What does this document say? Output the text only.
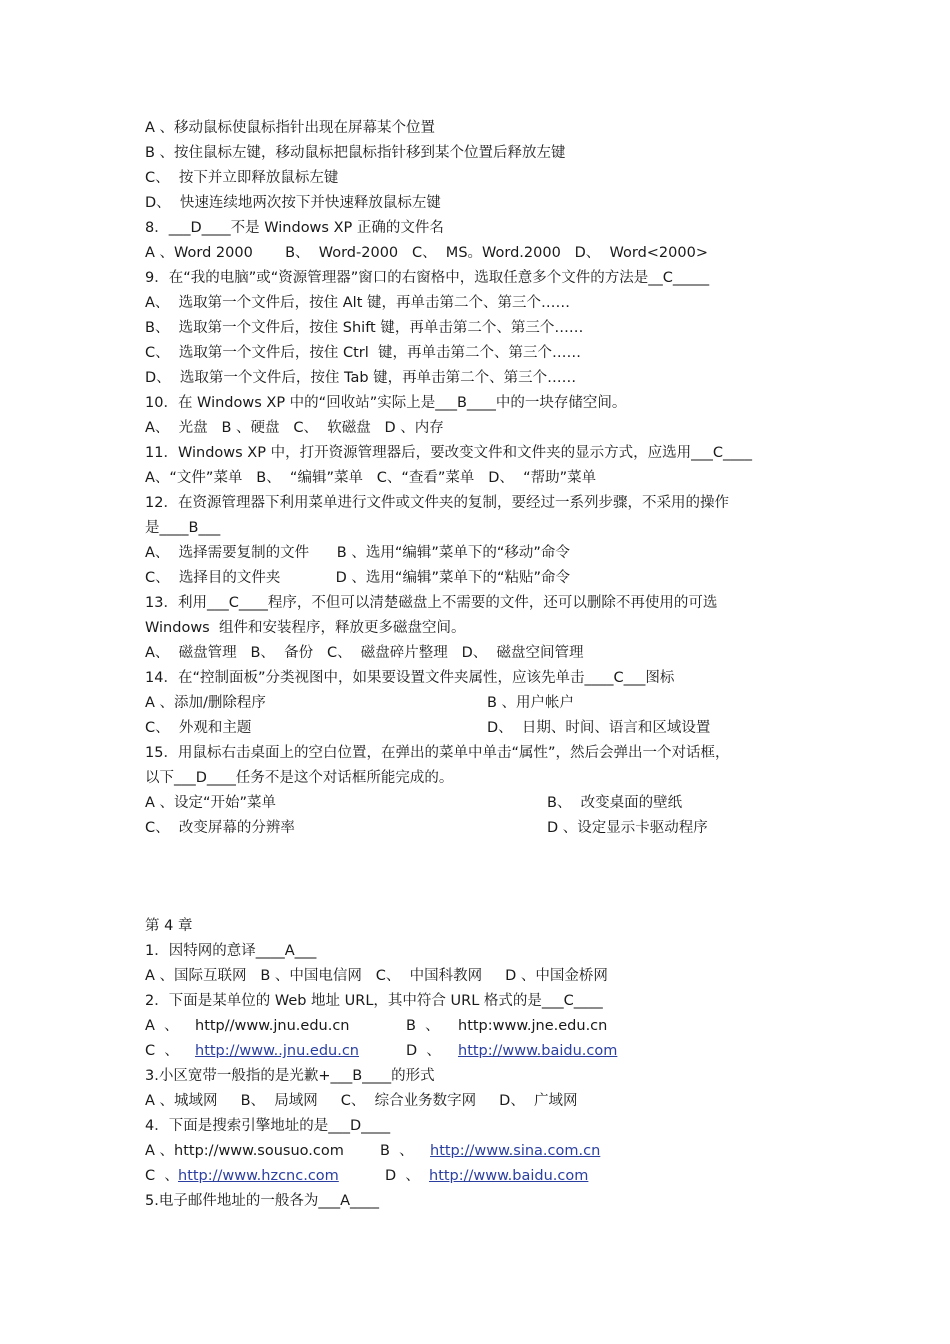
A 、移动鼠标使鼠标指针出现在屏幕某个位置
B 、按住鼠标左键，移动鼠标把鼠标指针移到某个位置后释放左键
C、  按下并立即释放鼠标左键
D、  快速连续地两次按下并快速释放鼠标左键
8．___D____不是 Windows XP 正确的文件名
A 、Word 2000       B、  Word-2000   C、  MS。Word.2000   D、  Word<2000>
9．在“我的电脑”或“资源管理器”窗口的右窗格中，选取任意多个文件的方法是__C_____
A、  选取第一个文件后，按住 Alt 键，再单击第二个、第三个……
B、  选取第一个文件后，按住 Shift 键，再单击第二个、第三个……
C、  选取第一个文件后，按住 Ctrl  键，再单击第二个、第三个……
D、  选取第一个文件后，按住 Tab 键，再单击第二个、第三个……
10．在 Windows XP 中的“回收站”实际上是___B____中的一块存储空间。
A、  光盘   B 、硬盘   C、  软磁盘   D 、内存
11．Windows XP 中，打开资源管理器后，要改变文件和文件夹的显示方式，应选用___C____
A、“文件”菜单   B、  “编辑”菜单   C、“查看”菜单   D、  “帮助”菜单
12．在资源管理器下利用菜单进行文件或文件夹的复制，要经过一系列步骤，不采用的操作
是____B___
A、  选择需要复制的文件      B 、选用“编辑”菜单下的“移动”命令
C、  选择目的文件夹            D 、选用“编辑”菜单下的“粘贴”命令
13．利用___C____程序，不但可以清楚磁盘上不需要的文件，还可以删除不再使用的可选
Windows  组件和安装程序，释放更多磁盘空间。
A、  磁盘管理   B、  备份   C、  磁盘碎片整理   D、  磁盘空间管理
14．在“控制面板”分类视图中，如果要设置文件夹属性，应该先单击____C___图标
A 、添加/删除程序	B 、用户帐户
C、  外观和主题	D、  日期、时间、语言和区域设置
15．用鼠标右击桌面上的空白位置，在弹出的菜单中单击“属性”，然后会弹出一个对话框，
以下___D____任务不是这个对话框所能完成的。
A 、设定“开始”菜单	B、  改变桌面的壁纸
C、  改变屏幕的分辨率	D 、设定显示卡驱动程序
第 4 章
1．因特网的意译____A___
A 、国际互联网   B 、中国电信网   C、  中国科教网     D 、中国金桥网
2．下面是某单位的 Web 地址 URL，其中符合 URL 格式的是___C____
A  、 http//www.jnu.edu.cn	B  、 http:www.jne.edu.cn
C  、 http://www..jnu.edu.cn	D  、 http://www.baidu.com
3.小区宽带一般指的是光歉+___B____的形式
A 、城域网     B、  局域网     C、  综合业务数字网     D、  广域网
4．下面是搜索引擎地址的是___D____
A 、http://www.sousuo.com B  、 http://www.sina.com.cn
C  、 http://www.hzcnc.com	D  、 http://www.baidu.com
5.电子邮件地址的一般各为___A____
